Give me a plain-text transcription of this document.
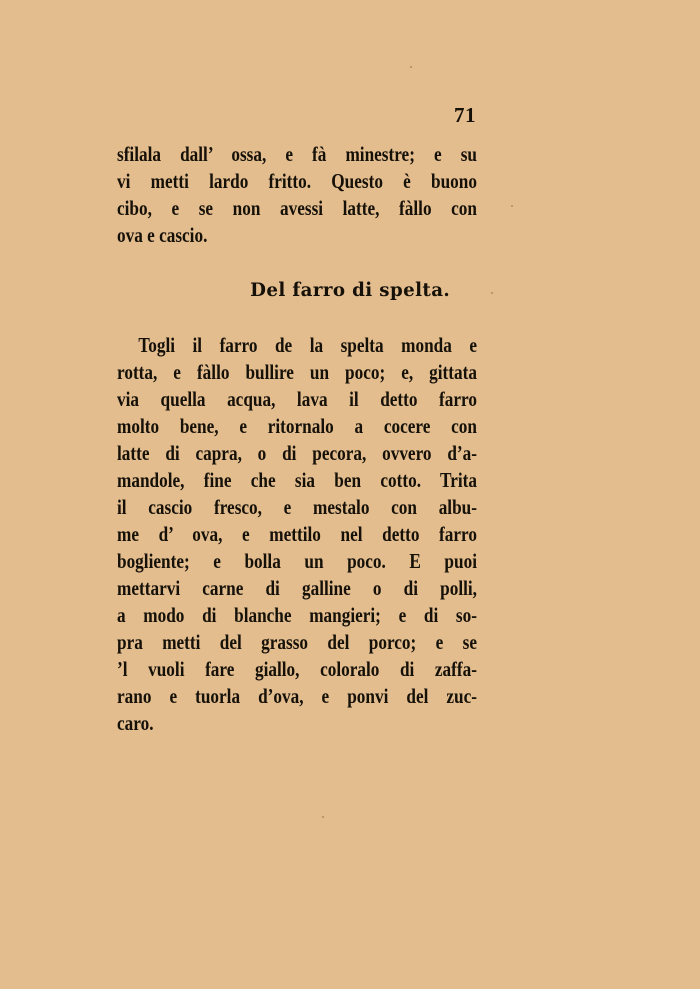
71
sfilala dall’ ossa, e fà minestre; e su
vi metti lardo fritto. Questo è buono
cibo, e se non avessi latte, fàllo con
ova e cascio.
Del farro di spelta.
Togli il farro de la spelta monda e
rotta, e fàllo bullire un poco; e, gittata
via quella acqua, lava il detto farro
molto bene, e ritornalo a cocere con
latte di capra, o di pecora, ovvero d’a-
mandole, fine che sia ben cotto. Trita
il cascio fresco, e mestalo con albu-
me d’ ova, e mettilo nel detto farro
bogliente; e bolla un poco. E puoi
mettarvi carne di galline o di polli,
a modo di blanche mangieri; e di so-
pra metti del grasso del porco; e se
’l vuoli fare giallo, coloralo di zaffa-
rano e tuorla d’ova, e ponvi del zuc-
caro.
